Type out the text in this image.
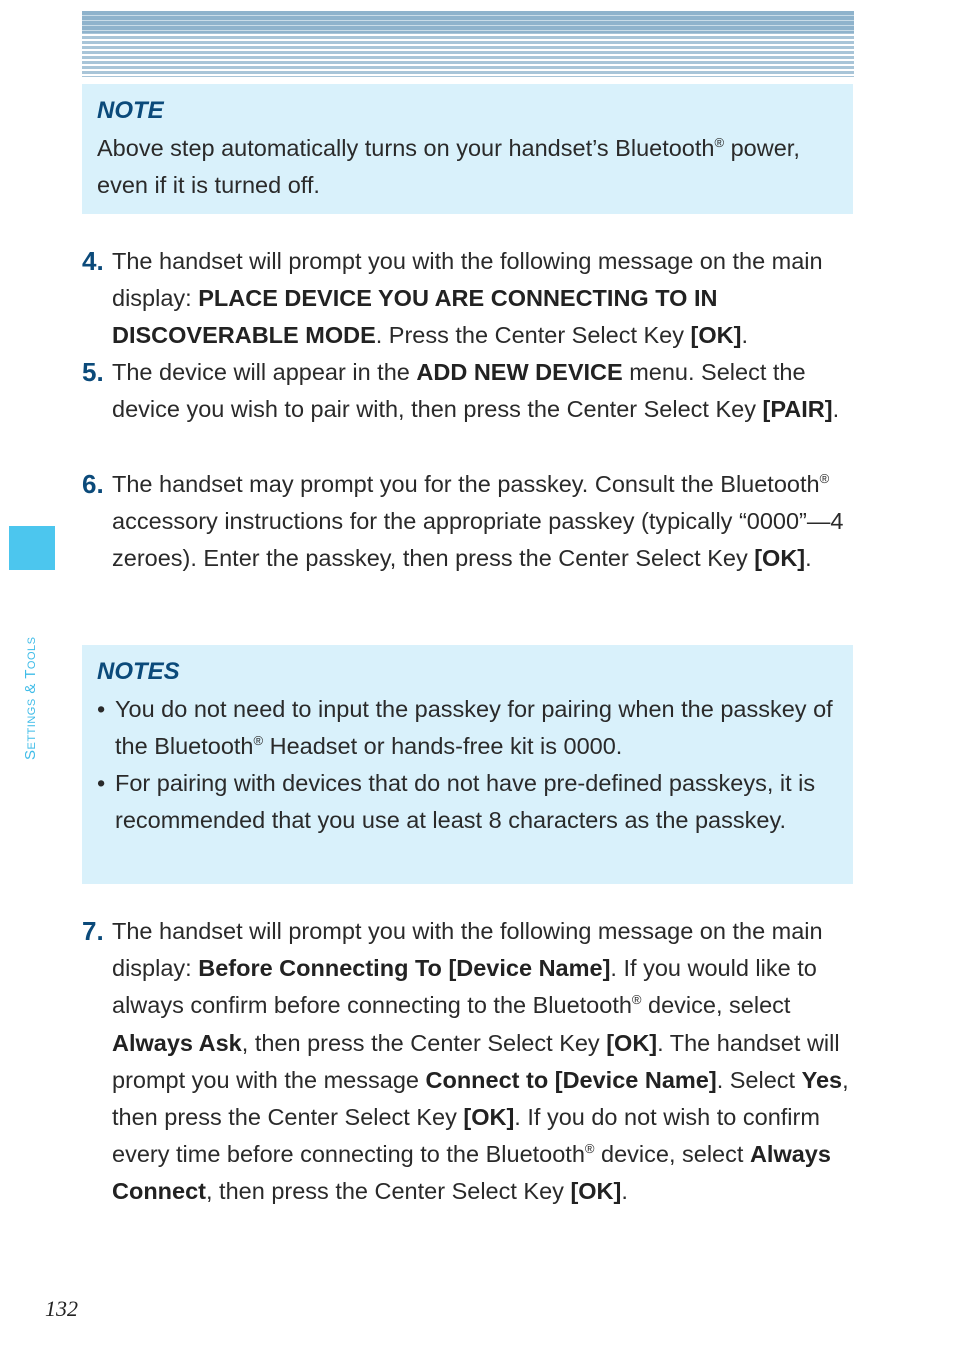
NOTE

Above step automatically turns on your handset’s Bluetooth® power, even if it is turned off.

4. The handset will prompt you with the following message on the main display: PLACE DEVICE YOU ARE CONNECTING TO IN DISCOVERABLE MODE. Press the Center Select Key [OK].
5. The device will appear in the ADD NEW DEVICE menu. Select the device you wish to pair with, then press the Center Select Key [PAIR].
6. The handset may prompt you for the passkey. Consult the Bluetooth® accessory instructions for the appropriate passkey (typically “0000”—4 zeroes). Enter the passkey, then press the Center Select Key [OK].

NOTES

• You do not need to input the passkey for pairing when the passkey of the Bluetooth® Headset or hands-free kit is 0000.
• For pairing with devices that do not have pre-defined passkeys, it is recommended that you use at least 8 characters as the passkey.
7. The handset will prompt you with the following message on the main display: Before Connecting To [Device Name]. If you would like to always confirm before connecting to the Bluetooth® device, select Always Ask, then press the Center Select Key [OK]. The handset will prompt you with the message Connect to [Device Name]. Select Yes, then press the Center Select Key [OK]. If you do not wish to confirm every time before connecting to the Bluetooth® device, select Always Connect, then press the Center Select Key [OK].
Settings & Tools
132
